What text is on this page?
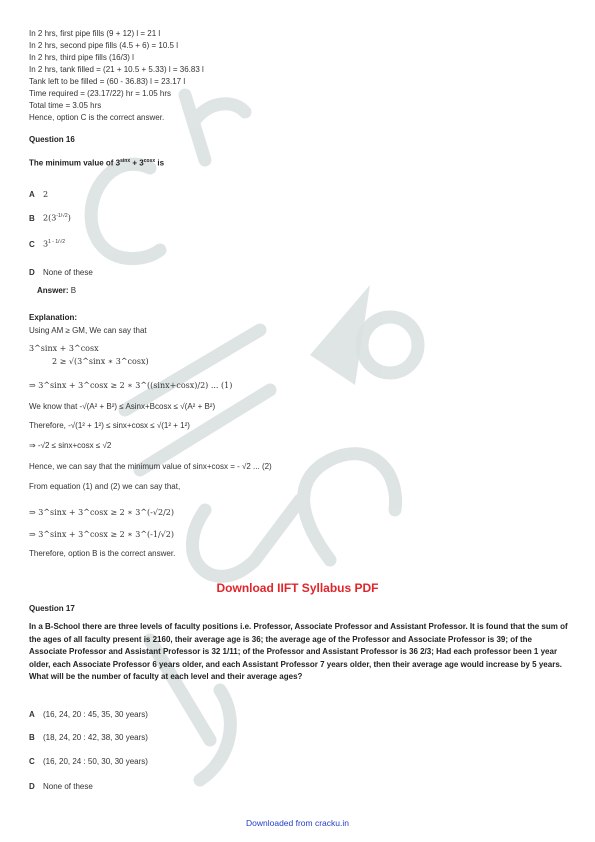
In 2 hrs, first pipe fills (9 + 12) l = 21 l
In 2 hrs, second pipe fills (4.5 + 6) = 10.5 l
In 2 hrs, third pipe fills (16/3) l
In 2 hrs, tank filled = (21 + 10.5 + 5.33) l = 36.83 l
Tank left to be filled = (60 - 36.83) l = 23.17 l
Time required = (23.17/22) hr = 1.05 hrs
Total time = 3.05 hrs
Hence, option C is the correct answer.
Question 16
The minimum value of $3^{sinx} + 3^{cosx}$ is
A 2
B $2(3^{-1/√2})$
C $3^{1 - 1/√2}$
D None of these
Answer: B
Explanation:
Using AM ≥ GM, We can say that
3^sinx + 3^cosx
2 ≥ √(3^sinx ∗ 3^cosx)
⇒ 3^sinx + 3^cosx ≥ 2 ∗ 3^((sinx+cosx)/2) ... (1)
We know that -√(A² + B²) ≤ Asinx+Bcosx ≤ √(A² + B²)
Therefore, -√(1² + 1²) ≤ sinx+cosx ≤ √(1² + 1²)
⇒ -√2 ≤ sinx+cosx ≤ √2
Hence, we can say that the minimum value of sinx+cosx = - √2 ... (2)
From equation (1) and (2) we can say that,
⇒ 3^sinx + 3^cosx ≥ 2 ∗ 3^(-√2/2)
⇒ 3^sinx + 3^cosx ≥ 2 ∗ 3^(-1/√2)
Therefore, option B is the correct answer.
Download IIFT Syllabus PDF
Question 17
In a B-School there are three levels of faculty positions i.e. Professor, Associate Professor and Assistant Professor. It is found that the sum of the ages of all faculty present is 2160, their average age is 36; the average age of the Professor and Associate Professor is 39; of the Associate Professor and Assistant Professor is 32 1/11; of the Professor and Assistant Professor is 36 2/3; Had each professor been 1 year older, each Associate Professor 6 years older, and each Assistant Professor 7 years older, then their average age would increase by 5 years. What will be the number of faculty at each level and their average ages?
A (16, 24, 20 : 45, 35, 30 years)
B (18, 24, 20 : 42, 38, 30 years)
C (16, 20, 24 : 50, 30, 30 years)
D None of these
Downloaded from cracku.in
